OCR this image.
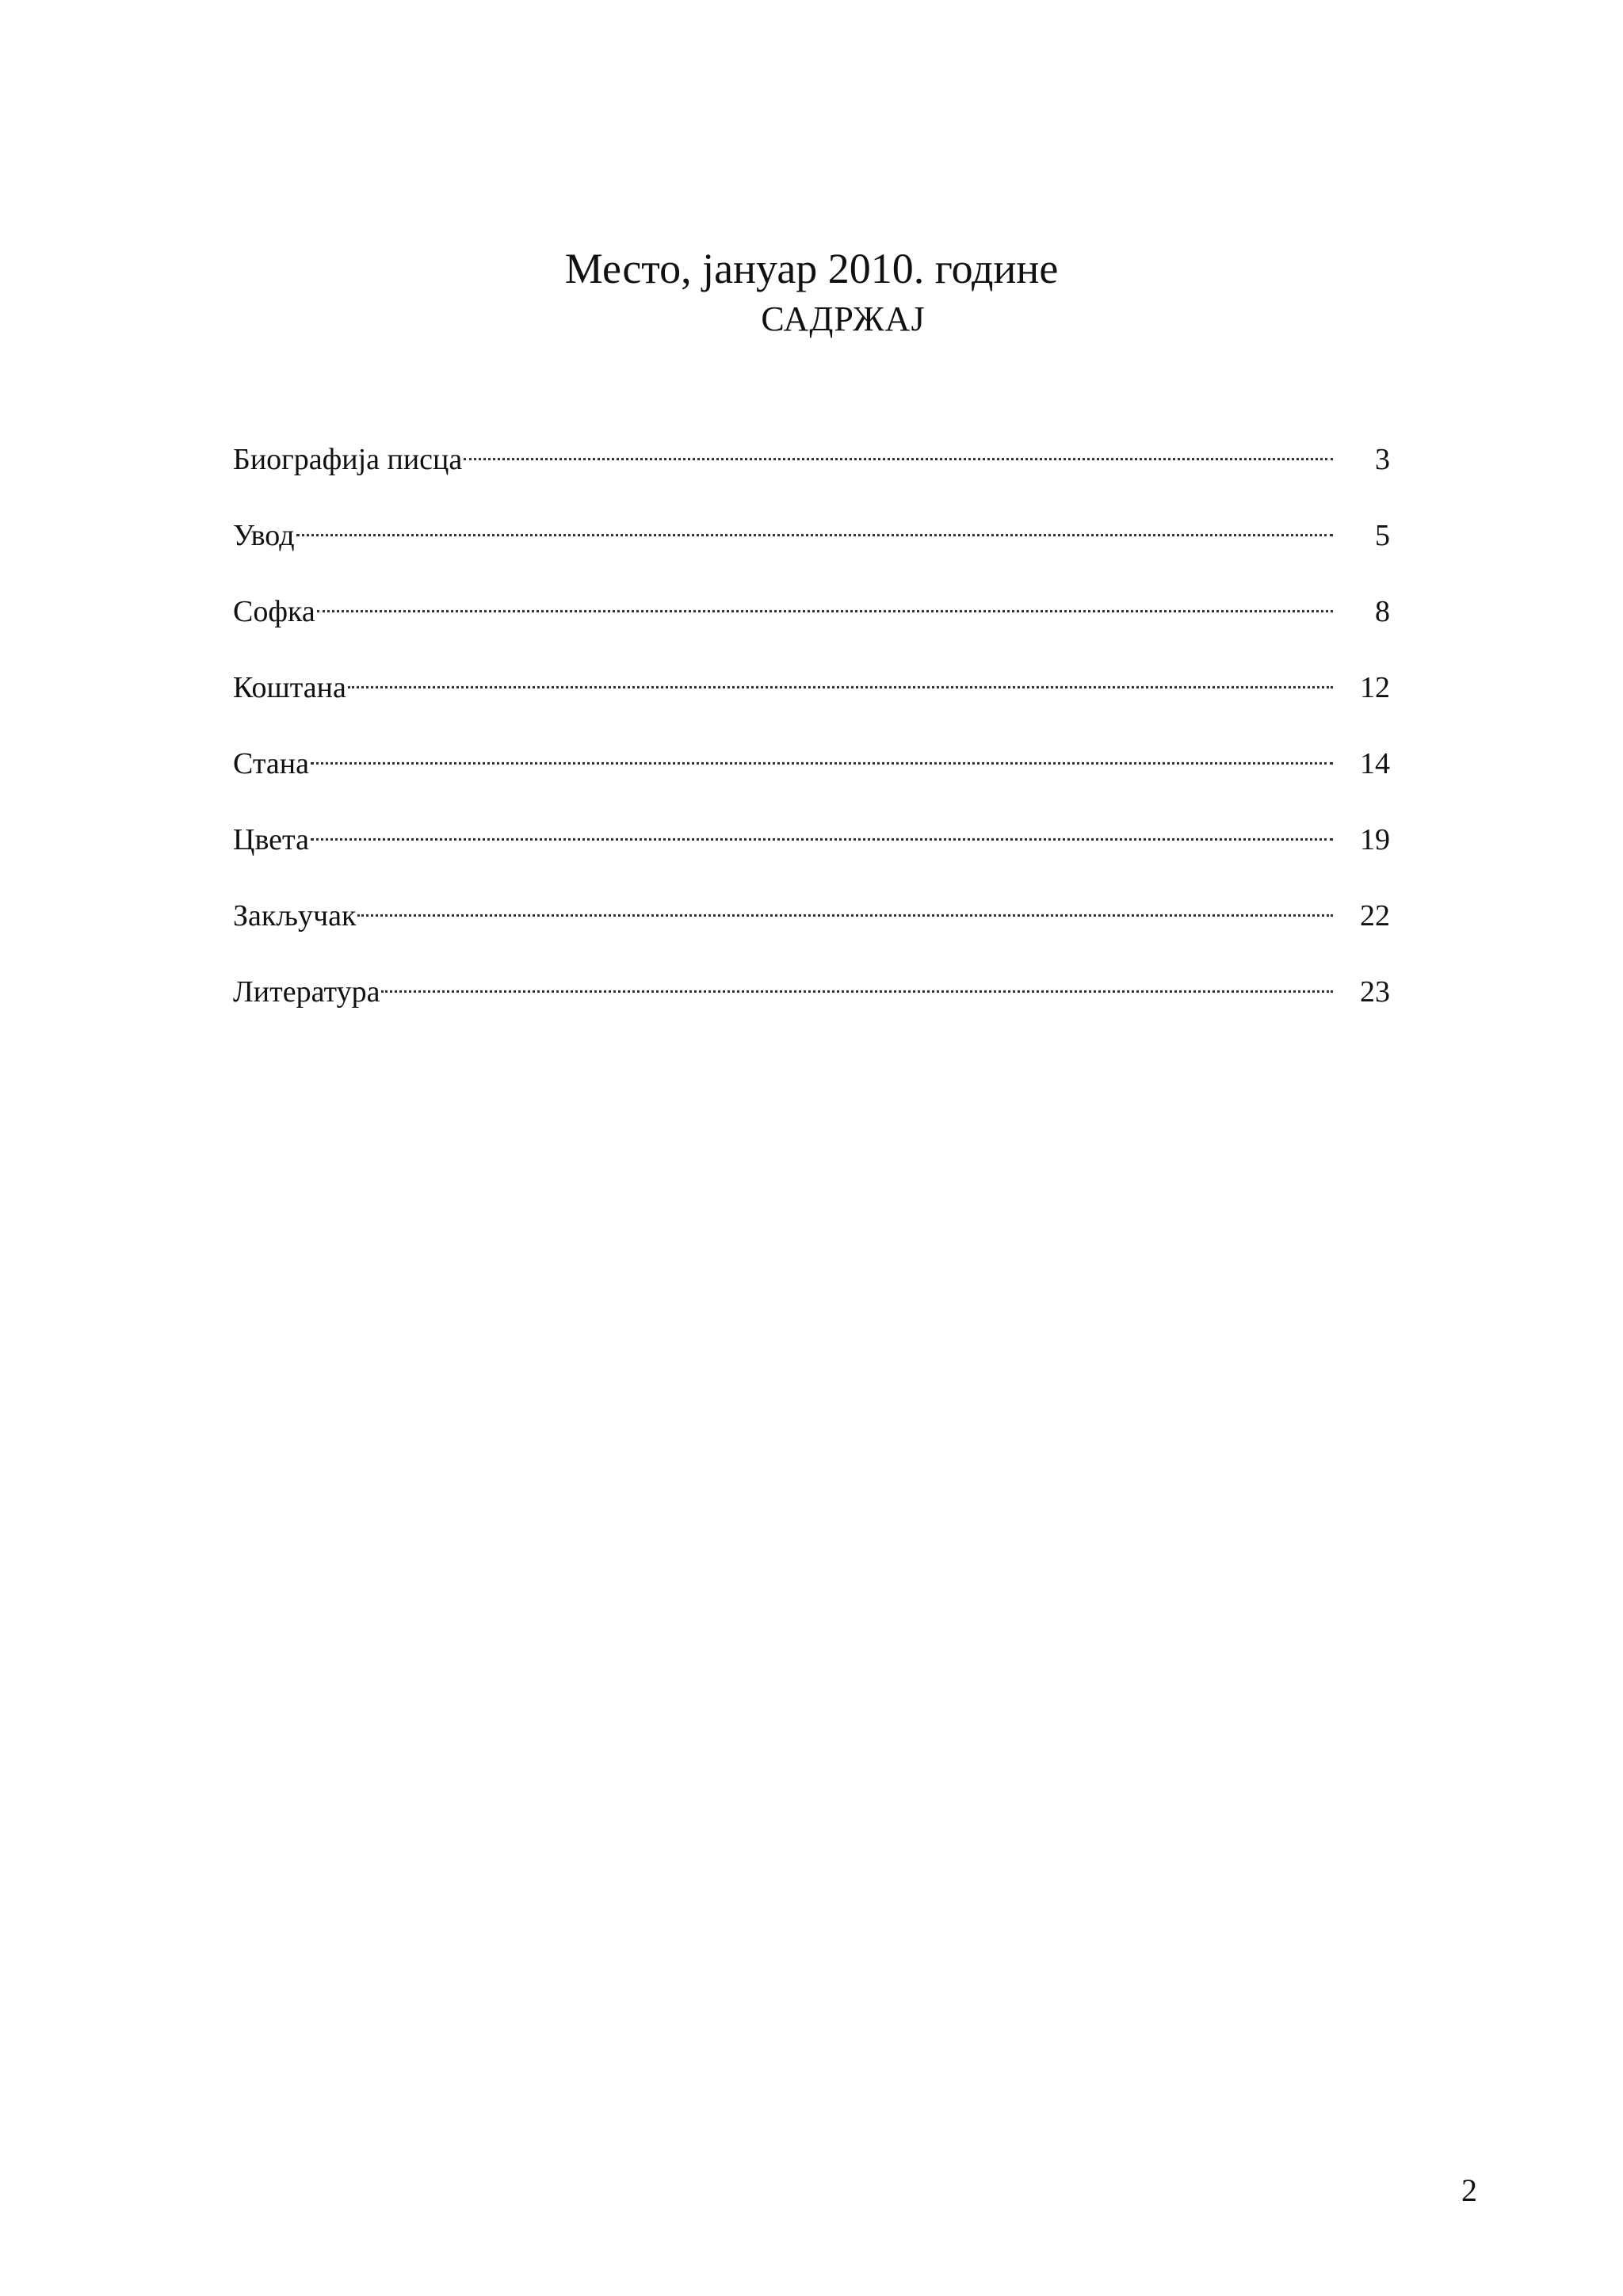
Место, јануар 2010. године
САДРЖАЈ
Биографија писца	3
Увод	5
Софка	8
Коштана	12
Стана	14
Цвета	19
Закључак	22
Литература	23
2
